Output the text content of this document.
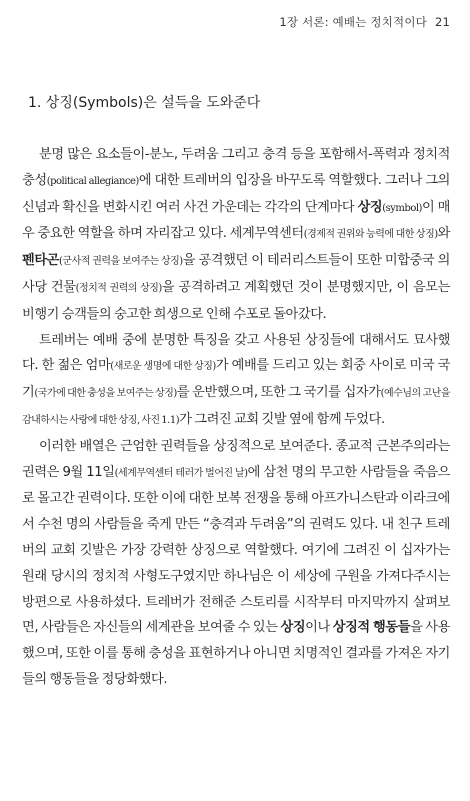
1장 서론: 예배는 정치적이다 21
1. 상징(Symbols)은 설득을 도와준다

분명 많은 요소들이-분노, 두려움 그리고 충격 등을 포함해서-폭력과 정치적 충성(political allegiance)에 대한 트레버의 입장을 바꾸도록 역할했다. 그러나 그의 신념과 확신을 변화시킨 여러 사건 가운데는 각각의 단계마다 상징(symbol)이 매우 중요한 역할을 하며 자리잡고 있다. 세계무역센터(경제적 권위와 능력에 대한 상징)와 펜타곤(군사적 권력을 보여주는 상징)을 공격했던 이 테러리스트들이 또한 미합중국 의사당 건물(정치적 권력의 상징)을 공격하려고 계획했던 것이 분명했지만, 이 음모는 비행기 승객들의 숭고한 희생으로 인해 수포로 돌아갔다.

트레버는 예배 중에 분명한 특징을 갖고 사용된 상징들에 대해서도 묘사했다. 한 젊은 엄마(새로운 생명에 대한 상징)가 예배를 드리고 있는 회중 사이로 미국 국기(국가에 대한 충성을 보여주는 상징)를 운반했으며, 또한 그 국기를 십자가(예수님의 고난을 감내하시는 사랑에 대한 상징, 사진 1.1)가 그려진 교회 깃발 옆에 함께 두었다.

이러한 배열은 근엄한 권력들을 상징적으로 보여준다. 종교적 근본주의라는 권력은 9월 11일(세계무역센터 테러가 벌어진 날)에 삼천 명의 무고한 사람들을 죽음으로 몰고간 권력이다. 또한 이에 대한 보복 전쟁을 통해 아프가니스탄과 이라크에서 수천 명의 사람들을 죽게 만든 “충격과 두려움”의 권력도 있다. 내 친구 트레버의 교회 깃발은 가장 강력한 상징으로 역할했다. 여기에 그려진 이 십자가는 원래 당시의 정치적 사형도구였지만 하나님은 이 세상에 구원을 가져다주시는 방편으로 사용하셨다. 트레버가 전해준 스토리를 시작부터 마지막까지 살펴보면, 사람들은 자신들의 세계관을 보여줄 수 있는 상징이나 상징적 행동들을 사용했으며, 또한 이를 통해 충성을 표현하거나 아니면 치명적인 결과를 가져온 자기들의 행동들을 정당화했다.
